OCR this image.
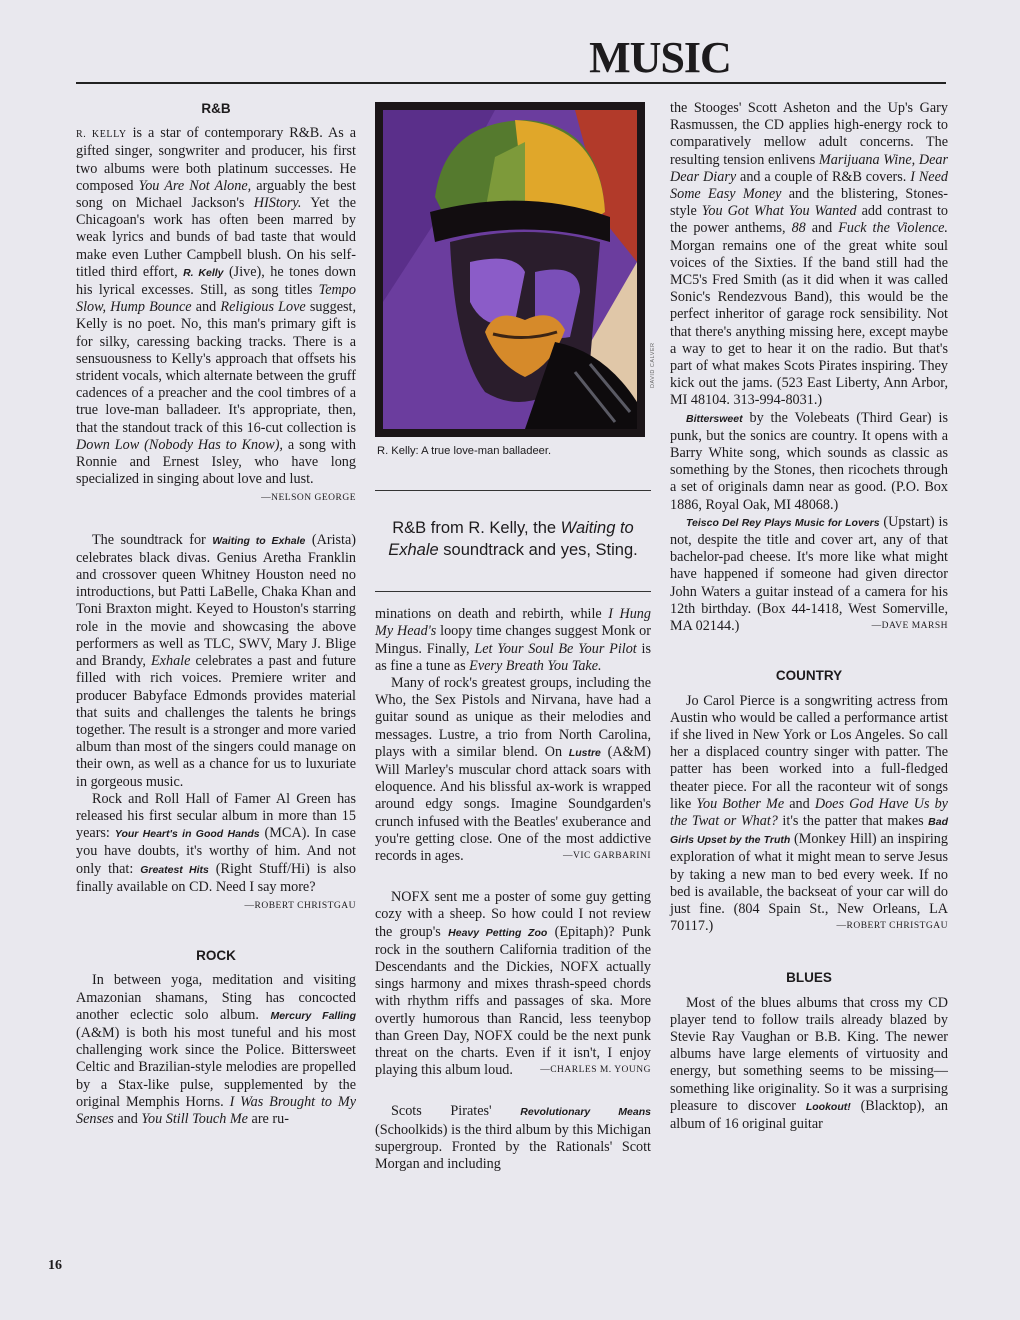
MUSIC
R&B

R. KELLY is a star of contemporary R&B. As a gifted singer, songwriter and producer, his first two albums were both platinum successes. He composed You Are Not Alone, arguably the best song on Michael Jackson's HIStory. Yet the Chicagoan's work has often been marred by weak lyrics and bunds of bad taste that would make even Luther Campbell blush. On his self-titled third effort, R. Kelly (Jive), he tones down his lyrical excesses. Still, as song titles Tempo Slow, Hump Bounce and Religious Love suggest, Kelly is no poet. No, this man's primary gift is for silky, caressing backing tracks. There is a sensuousness to Kelly's approach that offsets his strident vocals, which alternate between the gruff cadences of a preacher and the cool timbres of a true love-man balladeer. It's appropriate, then, that the standout track of this 16-cut collection is Down Low (Nobody Has to Know), a song with Ronnie and Ernest Isley, who have long specialized in singing about love and lust.

—NELSON GEORGE

The soundtrack for Waiting to Exhale (Arista) celebrates black divas. Genius Aretha Franklin and crossover queen Whitney Houston need no introductions, but Patti LaBelle, Chaka Khan and Toni Braxton might. Keyed to Houston's starring role in the movie and showcasing the above performers as well as TLC, SWV, Mary J. Blige and Brandy, Exhale celebrates a past and future filled with rich voices. Premiere writer and producer Babyface Edmonds provides material that suits and challenges the talents he brings together. The result is a stronger and more varied album than most of the singers could manage on their own, as well as a chance for us to luxuriate in gorgeous music.

Rock and Roll Hall of Famer Al Green has released his first secular album in more than 15 years: Your Heart's in Good Hands (MCA). In case you have doubts, it's worthy of him. And not only that: Greatest Hits (Right Stuff/Hi) is also finally available on CD. Need I say more?

—ROBERT CHRISTGAU
ROCK

In between yoga, meditation and visiting Amazonian shamans, Sting has concocted another eclectic solo album. Mercury Falling (A&M) is both his most tuneful and his most challenging work since the Police. Bittersweet Celtic and Brazilian-style melodies are propelled by a Stax-like pulse, supplemented by the original Memphis Horns. I Was Brought to My Senses and You Still Touch Me are ru-

R. Kelly: A true love-man balladeer.
R&B from R. Kelly, the Waiting to Exhale soundtrack and yes, Sting.

minations on death and rebirth, while I Hung My Head's loopy time changes suggest Monk or Mingus. Finally, Let Your Soul Be Your Pilot is as fine a tune as Every Breath You Take.

Many of rock's greatest groups, including the Who, the Sex Pistols and Nirvana, have had a guitar sound as unique as their melodies and messages. Lustre, a trio from North Carolina, plays with a similar blend. On Lustre (A&M) Will Marley's muscular chord attack soars with eloquence. And his blissful ax-work is wrapped around edgy songs. Imagine Soundgarden's crunch infused with the Beatles' exuberance and you're getting close. One of the most addictive records in ages.	—VIC GARBARINI

NOFX sent me a poster of some guy getting cozy with a sheep. So how could I not review the group's Heavy Petting Zoo (Epitaph)? Punk rock in the southern California tradition of the Descendants and the Dickies, NOFX actually sings harmony and mixes thrash-speed chords with rhythm riffs and passages of ska. More overtly humorous than Rancid, less teenybop than Green Day, NOFX could be the next punk threat on the charts. Even if it isn't, I enjoy playing this album loud.	—CHARLES M. YOUNG

Scots Pirates' Revolutionary Means (Schoolkids) is the third album by this Michigan supergroup. Fronted by the Rationals' Scott Morgan and including

DAVID CALVER

the Stooges' Scott Asheton and the Up's Gary Rasmussen, the CD applies high-energy rock to comparatively mellow adult concerns. The resulting tension enlivens Marijuana Wine, Dear Dear Diary and a couple of R&B covers. I Need Some Easy Money and the blistering, Stones-style You Got What You Wanted add contrast to the power anthems, 88 and Fuck the Violence. Morgan remains one of the great white soul voices of the Sixties. If the band still had the MC5's Fred Smith (as it did when it was called Sonic's Rendezvous Band), this would be the perfect inheritor of garage rock sensibility. Not that there's anything missing here, except maybe a way to get to hear it on the radio. But that's part of what makes Scots Pirates inspiring. They kick out the jams. (523 East Liberty, Ann Arbor, MI 48104. 313-994-8031.)

Bittersweet by the Volebeats (Third Gear) is punk, but the sonics are country. It opens with a Barry White song, which sounds as classic as something by the Stones, then ricochets through a set of originals damn near as good. (P.O. Box 1886, Royal Oak, MI 48068.)

Teisco Del Rey Plays Music for Lovers (Upstart) is not, despite the title and cover art, any of that bachelor-pad cheese. It's more like what might have happened if someone had given director John Waters a guitar instead of a camera for his 12th birthday. (Box 44-1418, West Somerville, MA 02144.)	—DAVE MARSH

COUNTRY

Jo Carol Pierce is a songwriting actress from Austin who would be called a performance artist if she lived in New York or Los Angeles. So call her a displaced country singer with patter. The patter has been worked into a full-fledged theater piece. For all the raconteur wit of songs like You Bother Me and Does God Have Us by the Twat or What? it's the patter that makes Bad Girls Upset by the Truth (Monkey Hill) an inspiring exploration of what it might mean to serve Jesus by taking a new man to bed every week. If no bed is available, the backseat of your car will do just fine. (804 Spain St., New Orleans, LA 70117.)	—ROBERT CHRISTGAU

BLUES

Most of the blues albums that cross my CD player tend to follow trails already blazed by Stevie Ray Vaughan or B.B. King. The newer albums have large elements of virtuosity and energy, but something seems to be missing—something like originality. So it was a surprising pleasure to discover Lookout! (Blacktop), an album of 16 original guitar

16
